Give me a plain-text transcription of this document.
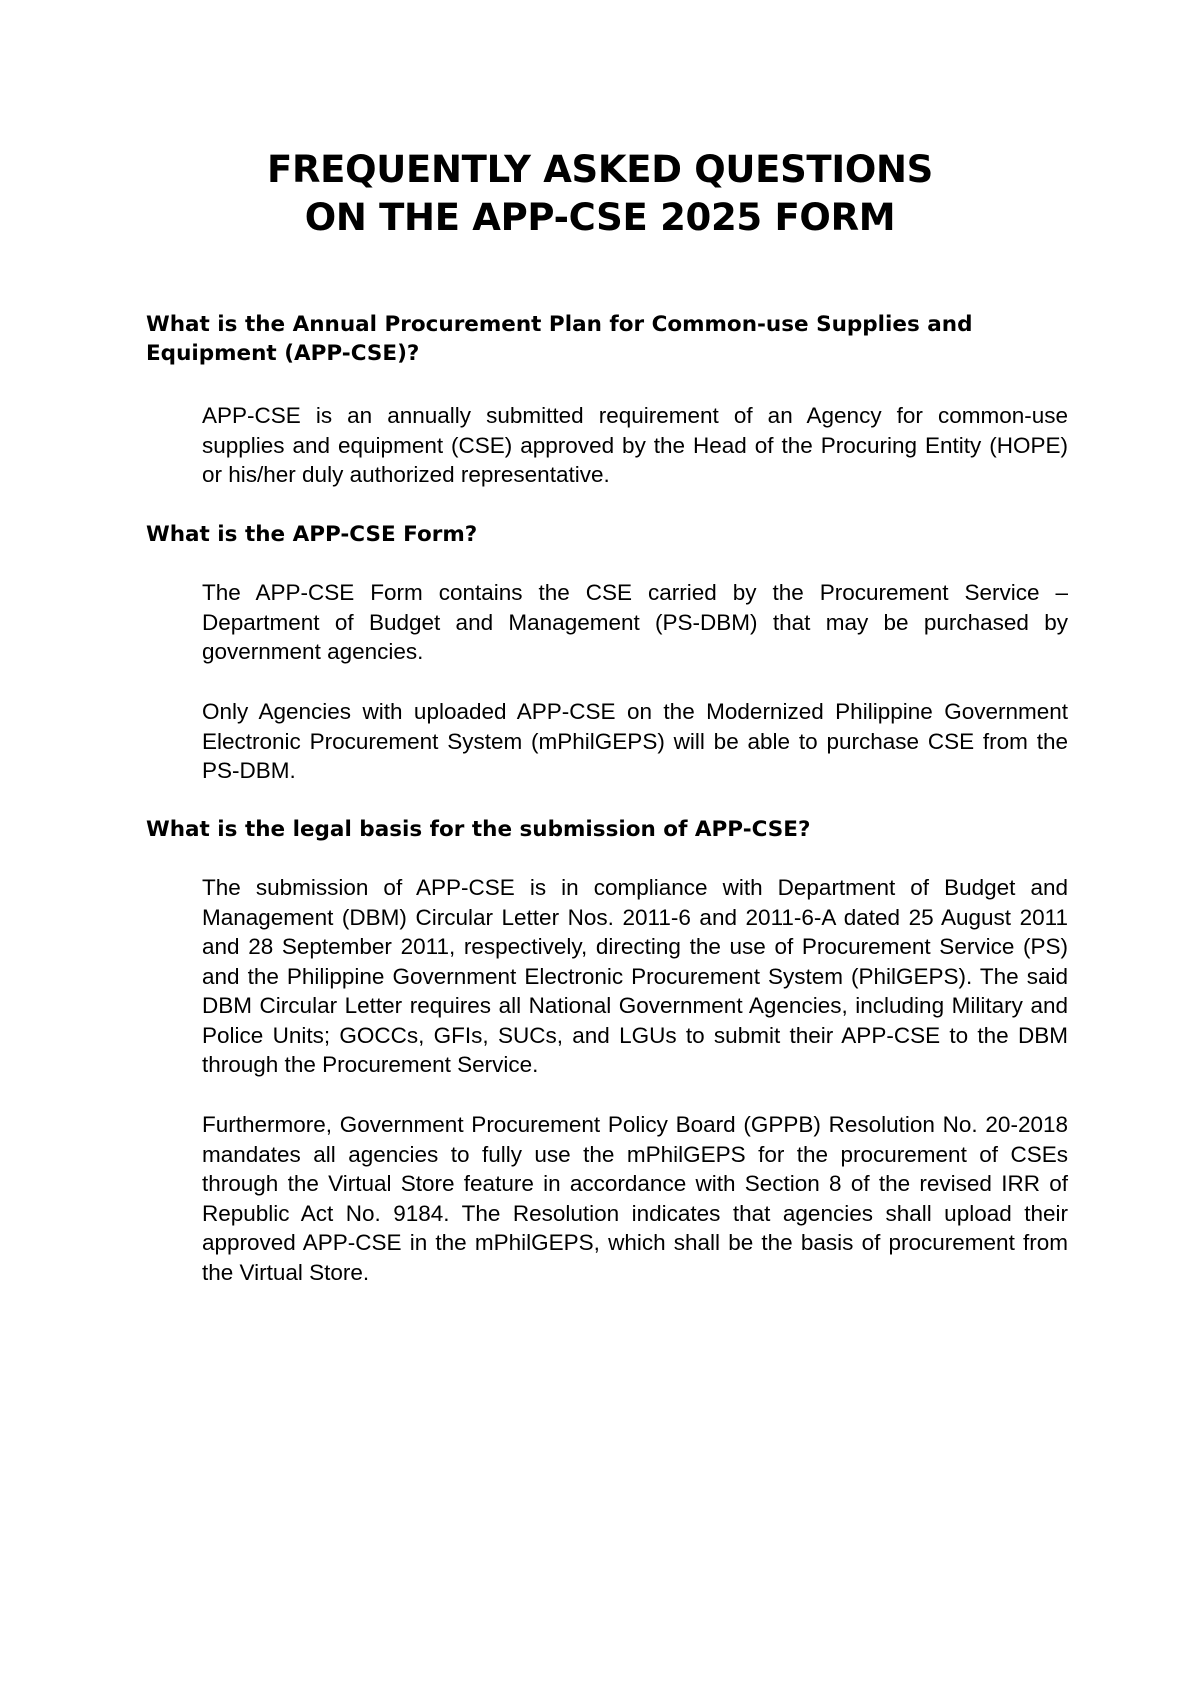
FREQUENTLY ASKED QUESTIONS
ON THE APP-CSE 2025 FORM
What is the Annual Procurement Plan for Common-use Supplies and Equipment (APP-CSE)?
APP-CSE is an annually submitted requirement of an Agency for common-use supplies and equipment (CSE) approved by the Head of the Procuring Entity (HOPE) or his/her duly authorized representative.
What is the APP-CSE Form?
The APP-CSE Form contains the CSE carried by the Procurement Service – Department of Budget and Management (PS-DBM) that may be purchased by government agencies.
Only Agencies with uploaded APP-CSE on the Modernized Philippine Government Electronic Procurement System (mPhilGEPS) will be able to purchase CSE from the PS-DBM.
What is the legal basis for the submission of APP-CSE?
The submission of APP-CSE is in compliance with Department of Budget and Management (DBM) Circular Letter Nos. 2011-6 and 2011-6-A dated 25 August 2011 and 28 September 2011, respectively, directing the use of Procurement Service (PS) and the Philippine Government Electronic Procurement System (PhilGEPS). The said DBM Circular Letter requires all National Government Agencies, including Military and Police Units; GOCCs, GFIs, SUCs, and LGUs to submit their APP-CSE to the DBM through the Procurement Service.
Furthermore, Government Procurement Policy Board (GPPB) Resolution No. 20-2018 mandates all agencies to fully use the mPhilGEPS for the procurement of CSEs through the Virtual Store feature in accordance with Section 8 of the revised IRR of Republic Act No. 9184. The Resolution indicates that agencies shall upload their approved APP-CSE in the mPhilGEPS, which shall be the basis of procurement from the Virtual Store.
